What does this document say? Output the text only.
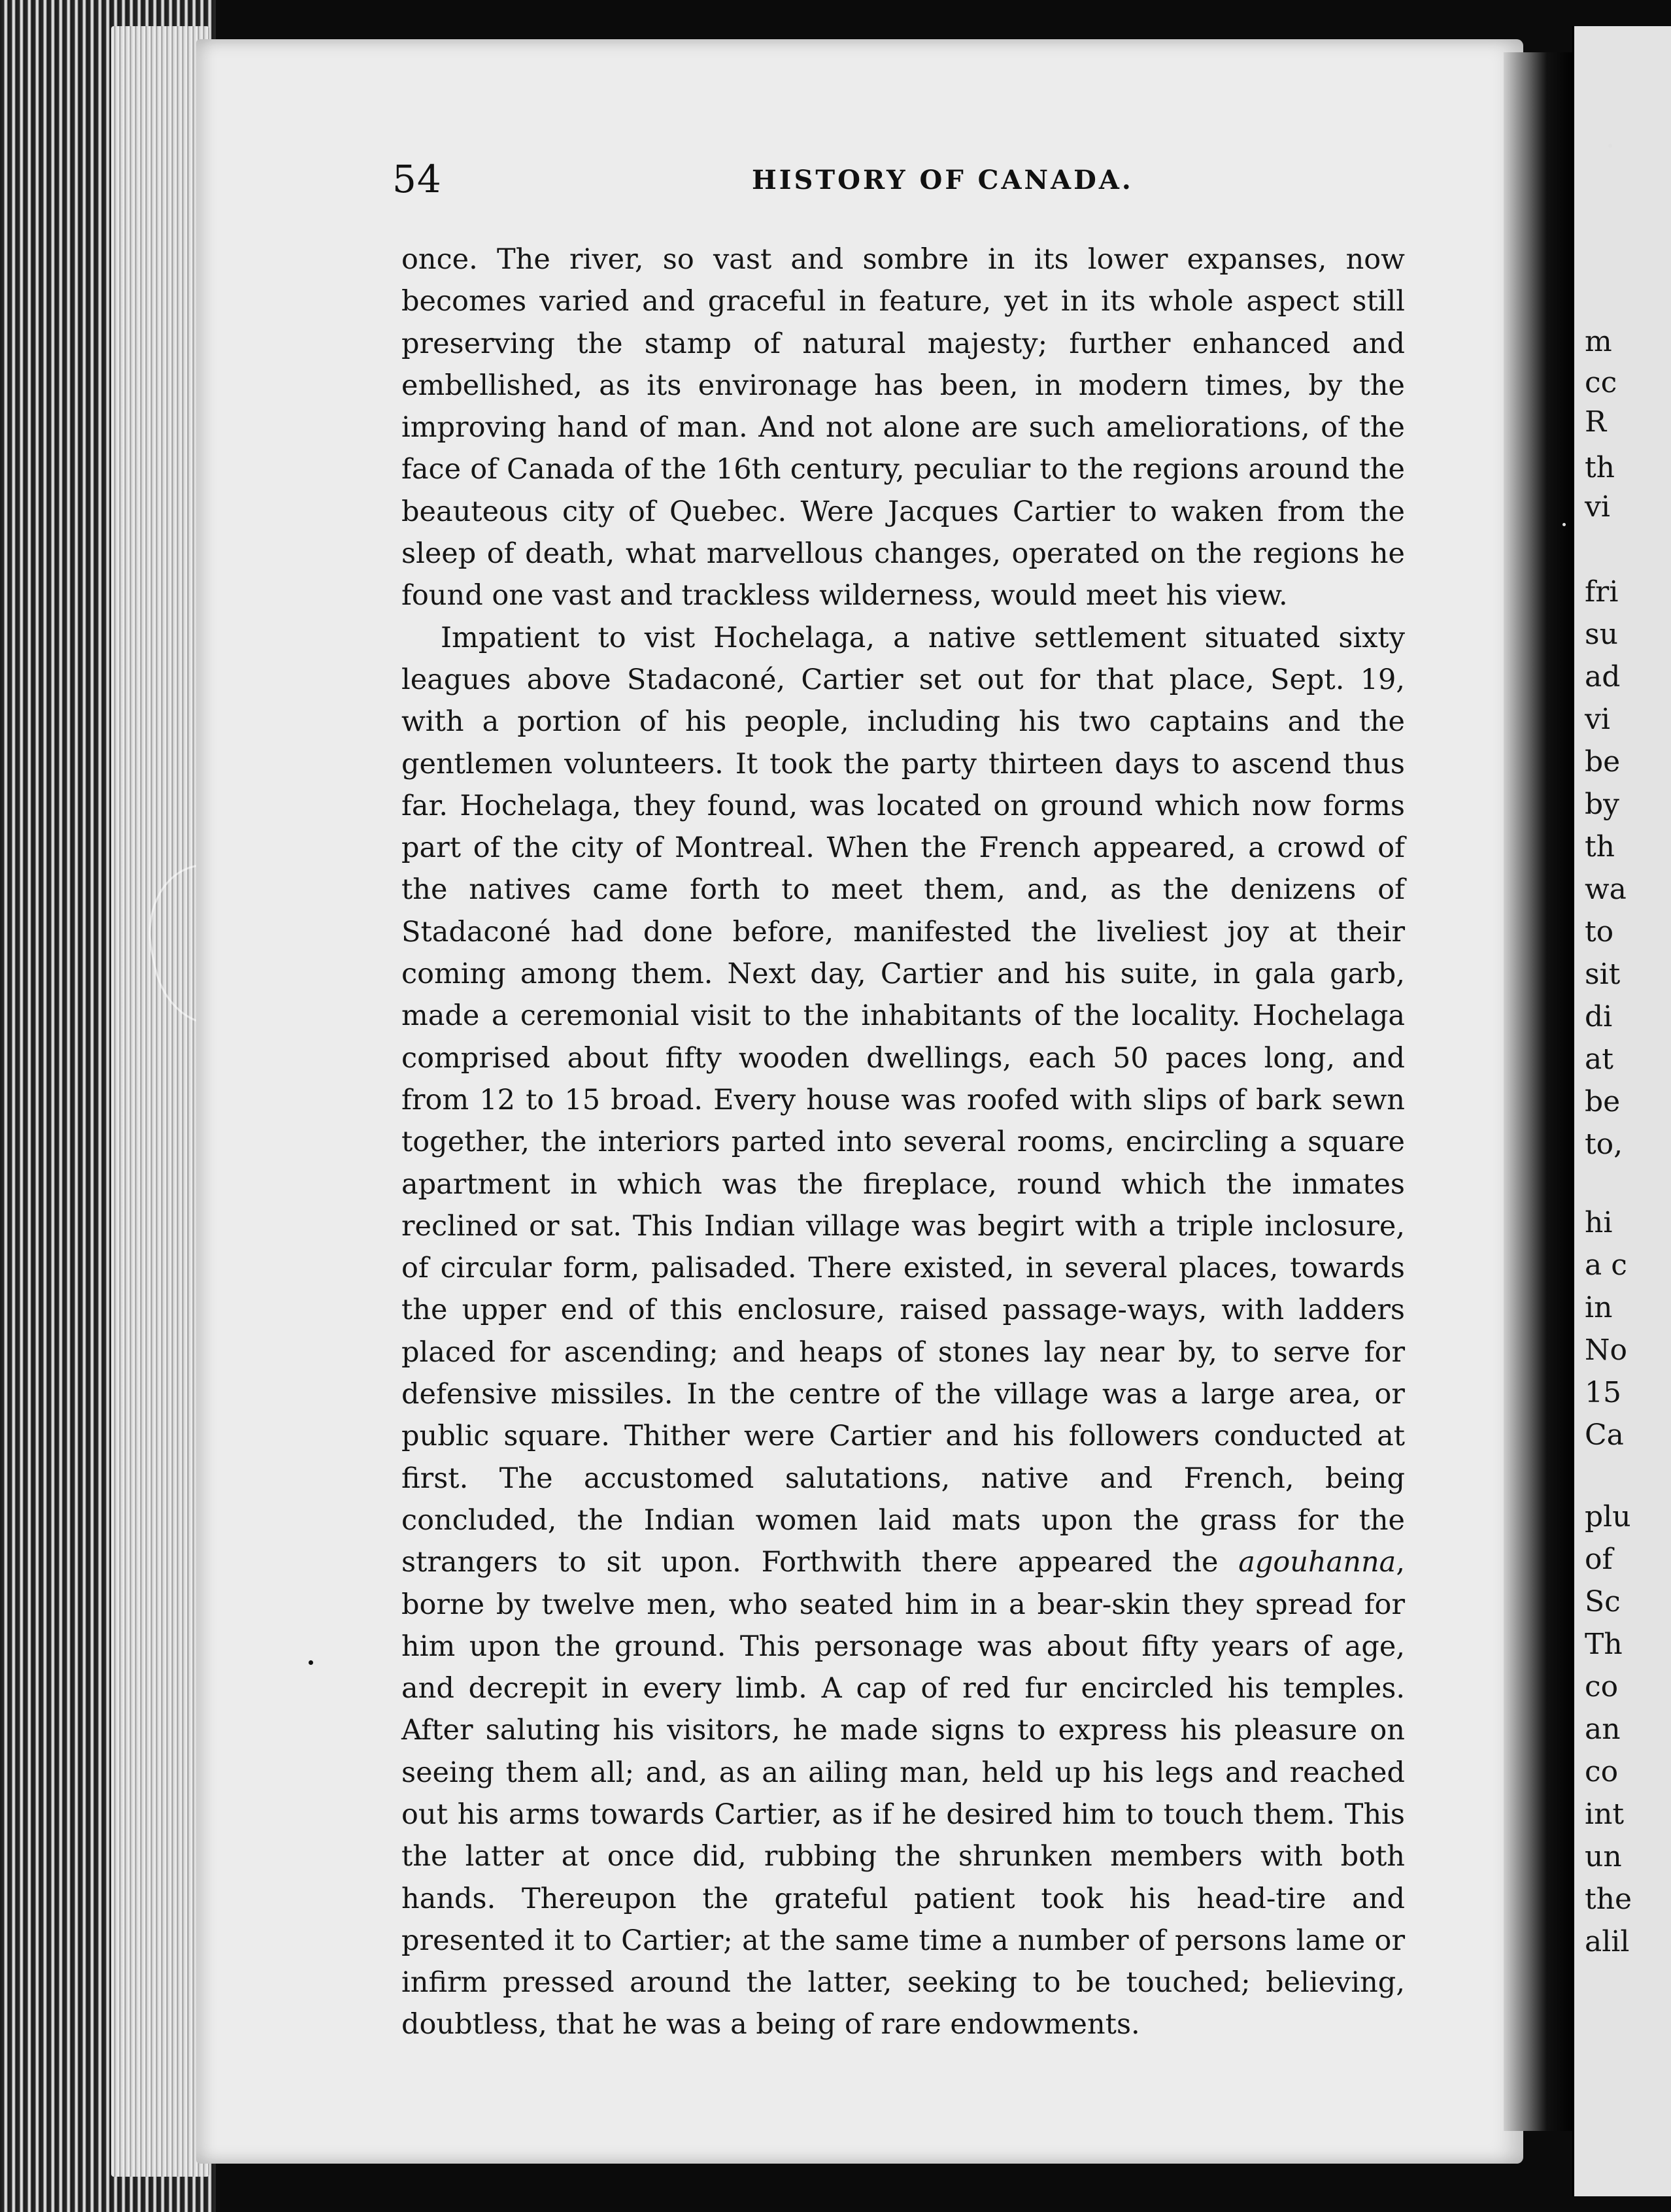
54	HISTORY OF CANADA.

once. The river, so vast and sombre in its lower expanses, now becomes varied and graceful in feature, yet in its whole aspect still preserving the stamp of natural majesty; further enhanced and embellished, as its environage has been, in modern times, by the improving hand of man. And not alone are such ameliorations, of the face of Canada of the 16th century, peculiar to the regions around the beauteous city of Quebec. Were Jacques Cartier to waken from the sleep of death, what marvellous changes, operated on the regions he found one vast and trackless wilderness, would meet his view.

Impatient to vist Hochelaga, a native settlement situated sixty leagues above Stadaconé, Cartier set out for that place, Sept. 19, with a portion of his people, including his two captains and the gentlemen volunteers. It took the party thirteen days to ascend thus far. Hochelaga, they found, was located on ground which now forms part of the city of Montreal. When the French appeared, a crowd of the natives came forth to meet them, and, as the denizens of Stadaconé had done before, manifested the liveliest joy at their coming among them. Next day, Cartier and his suite, in gala garb, made a ceremonial visit to the inhabitants of the locality. Hochelaga comprised about fifty wooden dwellings, each 50 paces long, and from 12 to 15 broad. Every house was roofed with slips of bark sewn together, the interiors parted into several rooms, encircling a square apartment in which was the fireplace, round which the inmates reclined or sat. This Indian village was begirt with a triple inclosure, of circular form, palisaded. There existed, in several places, towards the upper end of this enclosure, raised passage-ways, with ladders placed for ascending; and heaps of stones lay near by, to serve for defensive missiles. In the centre of the village was a large area, or public square. Thither were Cartier and his followers conducted at first. The accustomed salutations, native and French, being concluded, the Indian women laid mats upon the grass for the strangers to sit upon. Forthwith there appeared the agouhanna, borne by twelve men, who seated him in a bear-skin they spread for him upon the ground. This personage was about fifty years of age, and decrepit in every limb. A cap of red fur encircled his temples. After saluting his visitors, he made signs to express his pleasure on seeing them all; and, as an ailing man, held up his legs and reached out his arms towards Cartier, as if he desired him to touch them. This the latter at once did, rubbing the shrunken members with both hands. Thereupon the grateful patient took his head-tire and presented it to Cartier; at the same time a number of persons lame or infirm pressed around the latter, seeking to be touched; believing, doubtless, that he was a being of rare endowments.

m
cc
R
th
vi
fri
su
ad
vi
be
by
th
wa
to
sit
di
at
be
to,
hi
a c
in
No
15
Ca
plu
of
Sc
Th
co
an
co
int
un
the
alil
